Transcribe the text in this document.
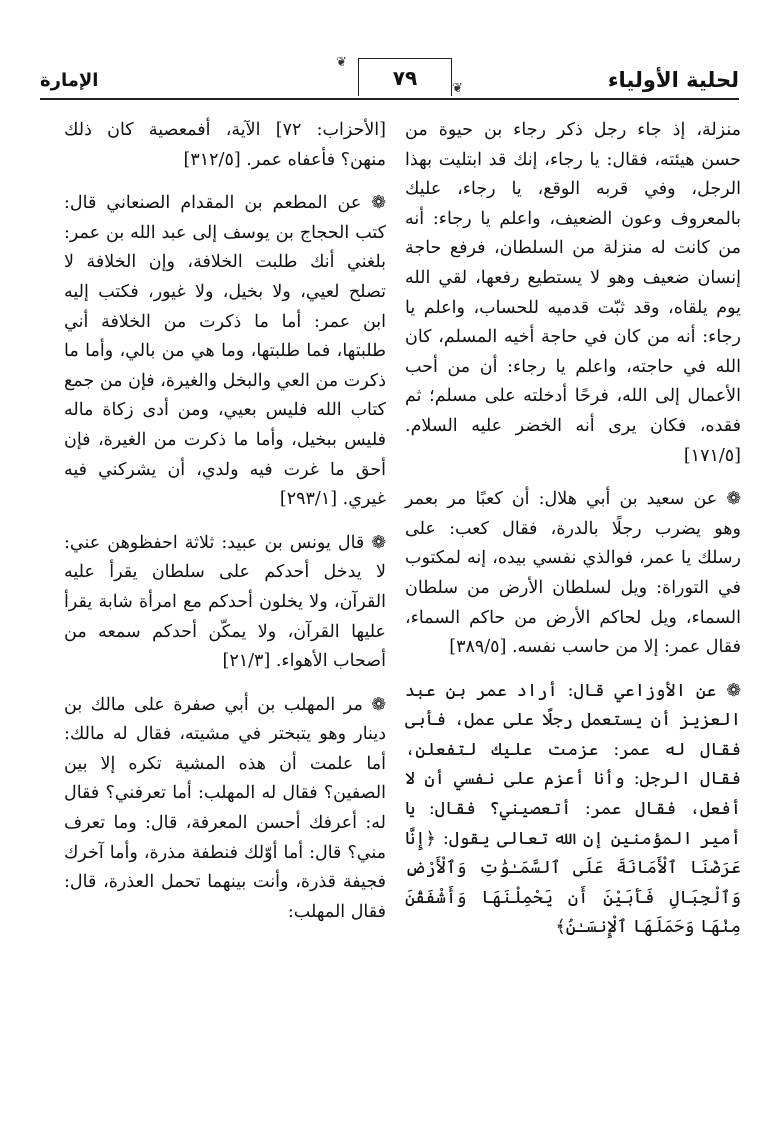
لحلية الأولياء
٧٩
❦
❦
الإمارة

منزلة، إذ جاء رجل ذكر رجاء بن حيوة من حسن هيئته، فقال: يا رجاء، إنك قد ابتليت بهذا الرجل، وفي قربه الوقع، يا رجاء، عليك بالمعروف وعون الضعيف، واعلم يا رجاء: أنه من كانت له منزلة من السلطان، فرفع حاجة إنسان ضعيف وهو لا يستطيع رفعها، لقي الله يوم يلقاه، وقد ثبّت قدميه للحساب، واعلم يا رجاء: أنه من كان في حاجة أخيه المسلم، كان الله في حاجته، واعلم يا رجاء: أن من أحب الأعمال إلى الله، فرحًا أدخلته على مسلم؛ ثم فقده، فكان يرى أنه الخضر عليه السلام. [١٧١/٥]

❁ عن سعيد بن أبي هلال: أن كعبًا مر بعمر وهو يضرب رجلًا بالدرة، فقال كعب: على رسلك يا عمر، فوالذي نفسي بيده، إنه لمكتوب في التوراة: ويل لسلطان الأرض من سلطان السماء، ويل لحاكم الأرض من حاكم السماء، فقال عمر: إلا من حاسب نفسه. [٣٨٩/٥]

❁ عن الأوزاعي قال: أراد عمر بن عبد العزيز أن يستعمل رجلًا على عمل، فأبى فقال له عمر: عزمت عليك لتفعلن، فقال الرجل: وأنا أعزم على نفسي أن لا أفعل، فقال عمر: أتعصيني؟ فقال: يا أمير المؤمنين إن الله تعالى يقول: ﴿إِنَّا عَرَضْنَا ٱلْأَمَانَةَ عَلَى ٱلسَّمَـٰوَٰتِ وَٱلْأَرْضِ وَٱلْجِبَالِ فَأَبَيْنَ أَن يَحْمِلْنَهَا وَأَشْفَقْنَ مِنْهَا وَحَمَلَهَا ٱلْإِنسَـٰنُ﴾

[الأحزاب: ٧٢] الآية، أفمعصية كان ذلك منهن؟ فأعفاه عمر. [٣١٢/٥]

❁ عن المطعم بن المقدام الصنعاني قال: كتب الحجاج بن يوسف إلى عبد الله بن عمر: بلغني أنك طلبت الخلافة، وإن الخلافة لا تصلح لعيي، ولا بخيل، ولا غيور، فكتب إليه ابن عمر: أما ما ذكرت من الخلافة أني طلبتها، فما طلبتها، وما هي من بالي، وأما ما ذكرت من العي والبخل والغيرة، فإن من جمع كتاب الله فليس بعيي، ومن أدى زكاة ماله فليس ببخيل، وأما ما ذكرت من الغيرة، فإن أحق ما غرت فيه ولدي، أن يشركني فيه غيري. [٢٩٣/١]

❁ قال يونس بن عبيد: ثلاثة احفظوهن عني: لا يدخل أحدكم على سلطان يقرأ عليه القرآن، ولا يخلون أحدكم مع امرأة شابة يقرأ عليها القرآن، ولا يمكّن أحدكم سمعه من أصحاب الأهواء. [٢١/٣]

❁ مر المهلب بن أبي صفرة على مالك بن دينار وهو يتبختر في مشيته، فقال له مالك: أما علمت أن هذه المشية تكره إلا بين الصفين؟ فقال له المهلب: أما تعرفني؟ فقال له: أعرفك أحسن المعرفة، قال: وما تعرف مني؟ قال: أما أوّلك فنطفة مذرة، وأما آخرك فجيفة قذرة، وأنت بينهما تحمل العذرة، قال: فقال المهلب:
